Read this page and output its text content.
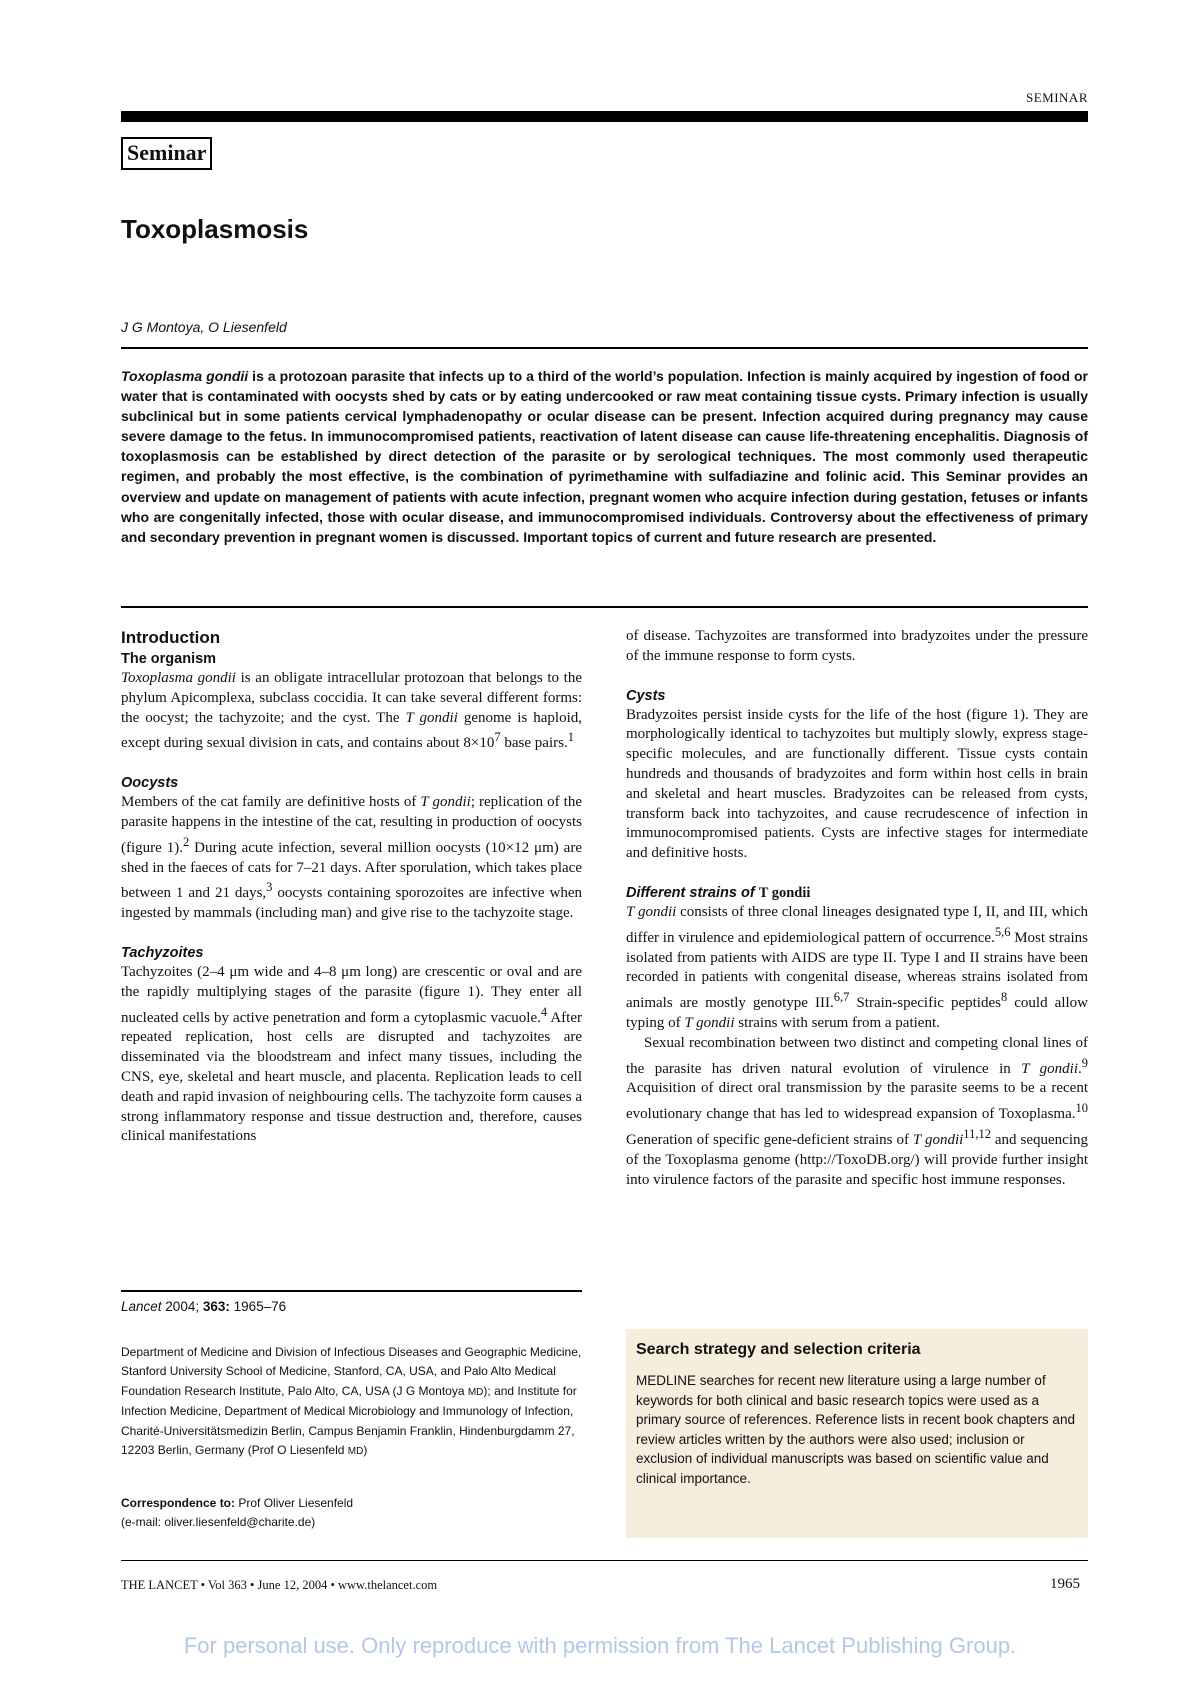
SEMINAR
Seminar
Toxoplasmosis
J G Montoya, O Liesenfeld

Toxoplasma gondii is a protozoan parasite that infects up to a third of the world’s population. Infection is mainly acquired by ingestion of food or water that is contaminated with oocysts shed by cats or by eating undercooked or raw meat containing tissue cysts. Primary infection is usually subclinical but in some patients cervical lymphadenopathy or ocular disease can be present. Infection acquired during pregnancy may cause severe damage to the fetus. In immunocompromised patients, reactivation of latent disease can cause life-threatening encephalitis. Diagnosis of toxoplasmosis can be established by direct detection of the parasite or by serological techniques. The most commonly used therapeutic regimen, and probably the most effective, is the combination of pyrimethamine with sulfadiazine and folinic acid. This Seminar provides an overview and update on management of patients with acute infection, pregnant women who acquire infection during gestation, fetuses or infants who are congenitally infected, those with ocular disease, and immunocompromised individuals. Controversy about the effectiveness of primary and secondary prevention in pregnant women is discussed. Important topics of current and future research are presented.

Introduction
The organism

Toxoplasma gondii is an obligate intracellular protozoan that belongs to the phylum Apicomplexa, subclass coccidia. It can take several different forms: the oocyst; the tachyzoite; and the cyst. The T gondii genome is haploid, except during sexual division in cats, and contains about $8\times 10^7$ base pairs.$^1$

Oocysts

Members of the cat family are definitive hosts of T gondii; replication of the parasite happens in the intestine of the cat, resulting in production of oocysts (figure 1).$^2$ During acute infection, several million oocysts (10×12 μm) are shed in the faeces of cats for 7–21 days. After sporulation, which takes place between 1 and 21 days,$^3$ oocysts containing sporozoites are infective when ingested by mammals (including man) and give rise to the tachyzoite stage.

Tachyzoites

Tachyzoites (2–4 μm wide and 4–8 μm long) are crescentic or oval and are the rapidly multiplying stages of the parasite (figure 1). They enter all nucleated cells by active penetration and form a cytoplasmic vacuole.$^4$ After repeated replication, host cells are disrupted and tachyzoites are disseminated via the bloodstream and infect many tissues, including the CNS, eye, skeletal and heart muscle, and placenta. Replication leads to cell death and rapid invasion of neighbouring cells. The tachyzoite form causes a strong inflammatory response and tissue destruction and, therefore, causes clinical manifestations

Lancet 2004; 363: 1965–76

Department of Medicine and Division of Infectious Diseases and Geographic Medicine, Stanford University School of Medicine, Stanford, CA, USA, and Palo Alto Medical Foundation Research Institute, Palo Alto, CA, USA (J G Montoya MD); and Institute for Infection Medicine, Department of Medical Microbiology and Immunology of Infection, Charité-Universitätsmedizin Berlin, Campus Benjamin Franklin, Hindenburgdamm 27, 12203 Berlin, Germany (Prof O Liesenfeld MD)

Correspondence to: Prof Oliver Liesenfeld
(e-mail: oliver.liesenfeld@charite.de)

of disease. Tachyzoites are transformed into bradyzoites under the pressure of the immune response to form cysts.

Cysts

Bradyzoites persist inside cysts for the life of the host (figure 1). They are morphologically identical to tachyzoites but multiply slowly, express stage-specific molecules, and are functionally different. Tissue cysts contain hundreds and thousands of bradyzoites and form within host cells in brain and skeletal and heart muscles. Bradyzoites can be released from cysts, transform back into tachyzoites, and cause recrudescence of infection in immunocompromised patients. Cysts are infective stages for intermediate and definitive hosts.

Different strains of T gondii

T gondii consists of three clonal lineages designated type I, II, and III, which differ in virulence and epidemiological pattern of occurrence.$^{5,6}$ Most strains isolated from patients with AIDS are type II. Type I and II strains have been recorded in patients with congenital disease, whereas strains isolated from animals are mostly genotype III.$^{6,7}$ Strain-specific peptides$^8$ could allow typing of T gondii strains with serum from a patient.

Sexual recombination between two distinct and competing clonal lines of the parasite has driven natural evolution of virulence in T gondii.$^9$ Acquisition of direct oral transmission by the parasite seems to be a recent evolutionary change that has led to widespread expansion of Toxoplasma.$^{10}$ Generation of specific gene-deficient strains of T gondii$^{11,12}$ and sequencing of the Toxoplasma genome (http://ToxoDB.org/) will provide further insight into virulence factors of the parasite and specific host immune responses.

Search strategy and selection criteria

MEDLINE searches for recent new literature using a large number of keywords for both clinical and basic research topics were used as a primary source of references. Reference lists in recent book chapters and review articles written by the authors were also used; inclusion or exclusion of individual manuscripts was based on scientific value and clinical importance.

THE LANCET • Vol 363 • June 12, 2004 • www.thelancet.com	1965
For personal use. Only reproduce with permission from The Lancet Publishing Group.
